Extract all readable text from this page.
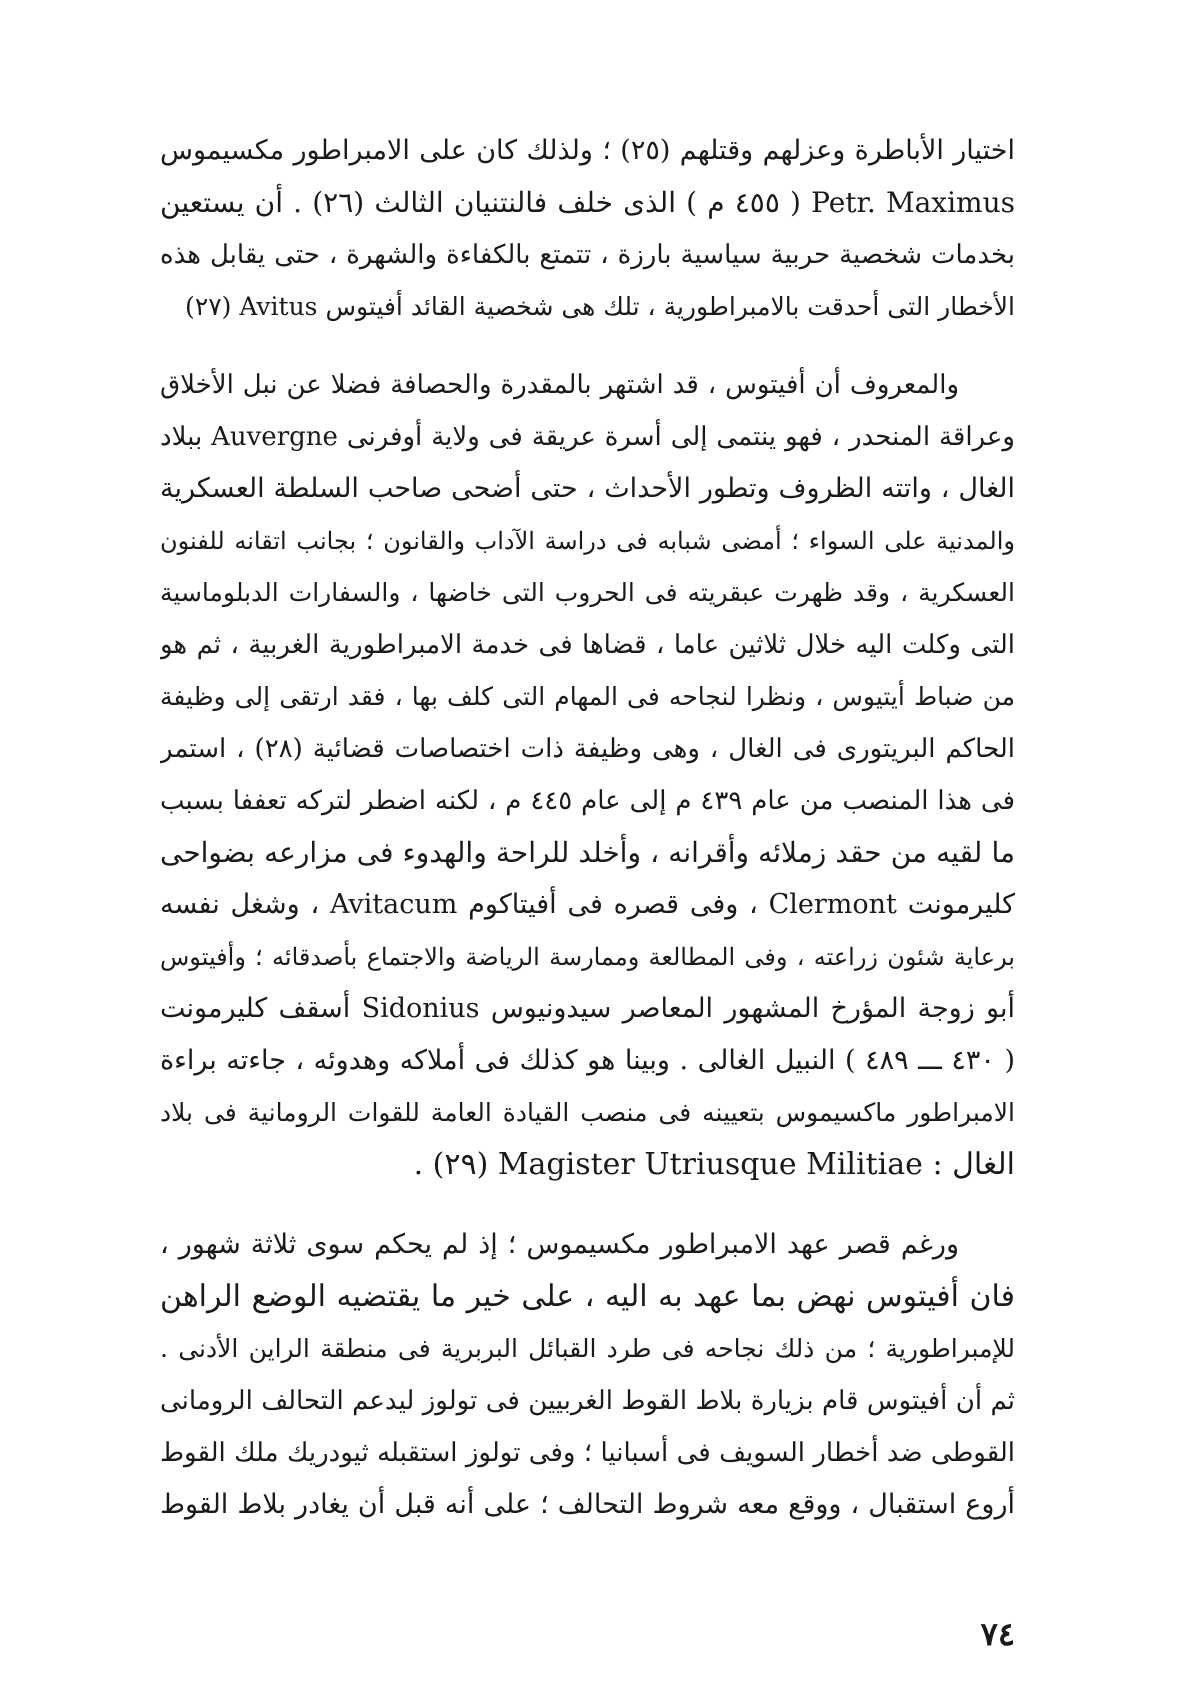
اختيار الأباطرة وعزلهم وقتلهم (٢٥) ؛ ولذلك كان على الامبراطور مكسيموس
Petr. Maximus ( ٤٥٥ م ) الذى خلف فالنتنيان الثالث (٢٦) . أن يستعين
بخدمات شخصية حربية سياسية بارزة ، تتمتع بالكفاءة والشهرة ، حتى يقابل هذه
الأخطار التى أحدقت بالامبراطورية ، تلك هى شخصية القائد أفيتوس Avitus (٢٧)
والمعروف أن أفيتوس ، قد اشتهر بالمقدرة والحصافة فضلا عن نبل الأخلاق
وعراقة المنحدر ، فهو ينتمى إلى أسرة عريقة فى ولاية أوفرنى Auvergne ببلاد
الغال ، واتته الظروف وتطور الأحداث ، حتى أضحى صاحب السلطة العسكرية
والمدنية على السواء ؛ أمضى شبابه فى دراسة الآداب والقانون ؛ بجانب اتقانه للفنون
العسكرية ، وقد ظهرت عبقريته فى الحروب التى خاضها ، والسفارات الدبلوماسية
التى وكلت اليه خلال ثلاثين عاما ، قضاها فى خدمة الامبراطورية الغربية ، ثم هو
من ضباط أيتيوس ، ونظرا لنجاحه فى المهام التى كلف بها ، فقد ارتقى إلى وظيفة
الحاكم البريتورى فى الغال ، وهى وظيفة ذات اختصاصات قضائية (٢٨) ، استمر
فى هذا المنصب من عام ٤٣٩ م إلى عام ٤٤٥ م ، لكنه اضطر لتركه تعففا بسبب
ما لقيه من حقد زملائه وأقرانه ، وأخلد للراحة والهدوء فى مزارعه بضواحى
كليرمونت Clermont ، وفى قصره فى أفيتاكوم Avitacum ، وشغل نفسه
برعاية شئون زراعته ، وفى المطالعة وممارسة الرياضة والاجتماع بأصدقائه ؛ وأفيتوس
أبو زوجة المؤرخ المشهور المعاصر سيدونيوس Sidonius أسقف كليرمونت
( ٤٣٠ ـــ ٤٨٩ ) النبيل الغالى . وبينا هو كذلك فى أملاكه وهدوئه ، جاءته براءة
الامبراطور ماكسيموس بتعيينه فى منصب القيادة العامة للقوات الرومانية فى بلاد
الغال : Magister Utriusque Militiae (٢٩) .
ورغم قصر عهد الامبراطور مكسيموس ؛ إذ لم يحكم سوى ثلاثة شهور ،
فان أفيتوس نهض بما عهد به اليه ، على خير ما يقتضيه الوضع الراهن
للإمبراطورية ؛ من ذلك نجاحه فى طرد القبائل البربرية فى منطقة الراين الأدنى .
ثم أن أفيتوس قام بزيارة بلاط القوط الغربيين فى تولوز ليدعم التحالف الرومانى
القوطى ضد أخطار السويف فى أسبانيا ؛ وفى تولوز استقبله ثيودريك ملك القوط
أروع استقبال ، ووقع معه شروط التحالف ؛ على أنه قبل أن يغادر بلاط القوط
٧٤
